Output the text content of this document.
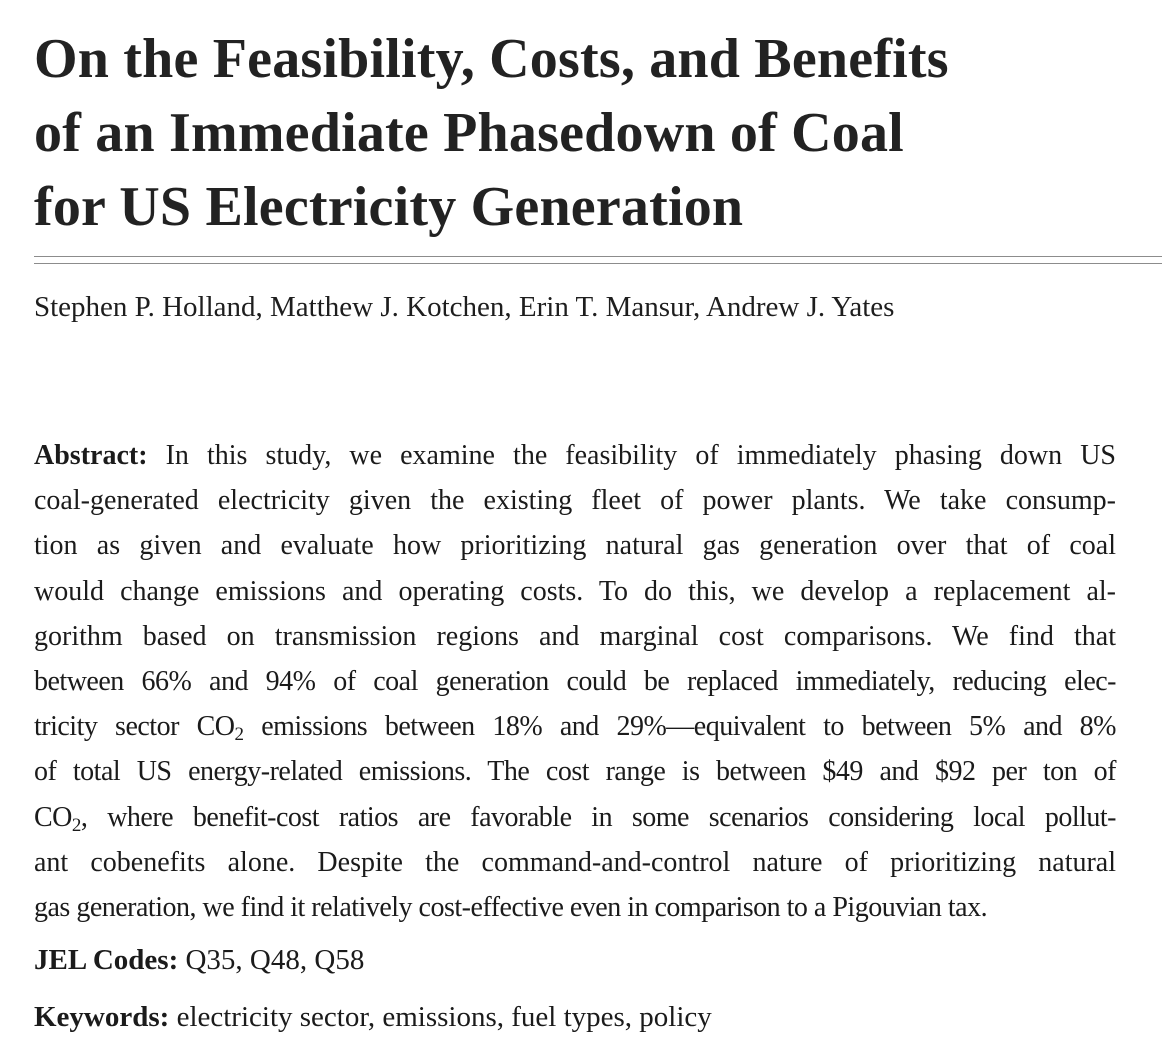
On the Feasibility, Costs, and Benefits
of an Immediate Phasedown of Coal
for US Electricity Generation
Stephen P. Holland, Matthew J. Kotchen, Erin T. Mansur, Andrew J. Yates
Abstract: In this study, we examine the feasibility of immediately phasing down US
coal-generated electricity given the existing fleet of power plants. We take consump-
tion as given and evaluate how prioritizing natural gas generation over that of coal
would change emissions and operating costs. To do this, we develop a replacement al-
gorithm based on transmission regions and marginal cost comparisons. We find that
between 66% and 94% of coal generation could be replaced immediately, reducing elec-
tricity sector $CO_2$ emissions between 18% and 29%—equivalent to between 5% and 8%
of total US energy-related emissions. The cost range is between $49 and $92 per ton of
$CO_2$, where benefit-cost ratios are favorable in some scenarios considering local pollut-
ant cobenefits alone. Despite the command-and-control nature of prioritizing natural
gas generation, we find it relatively cost-effective even in comparison to a Pigouvian tax.
JEL Codes: Q35, Q48, Q58
Keywords: electricity sector, emissions, fuel types, policy
